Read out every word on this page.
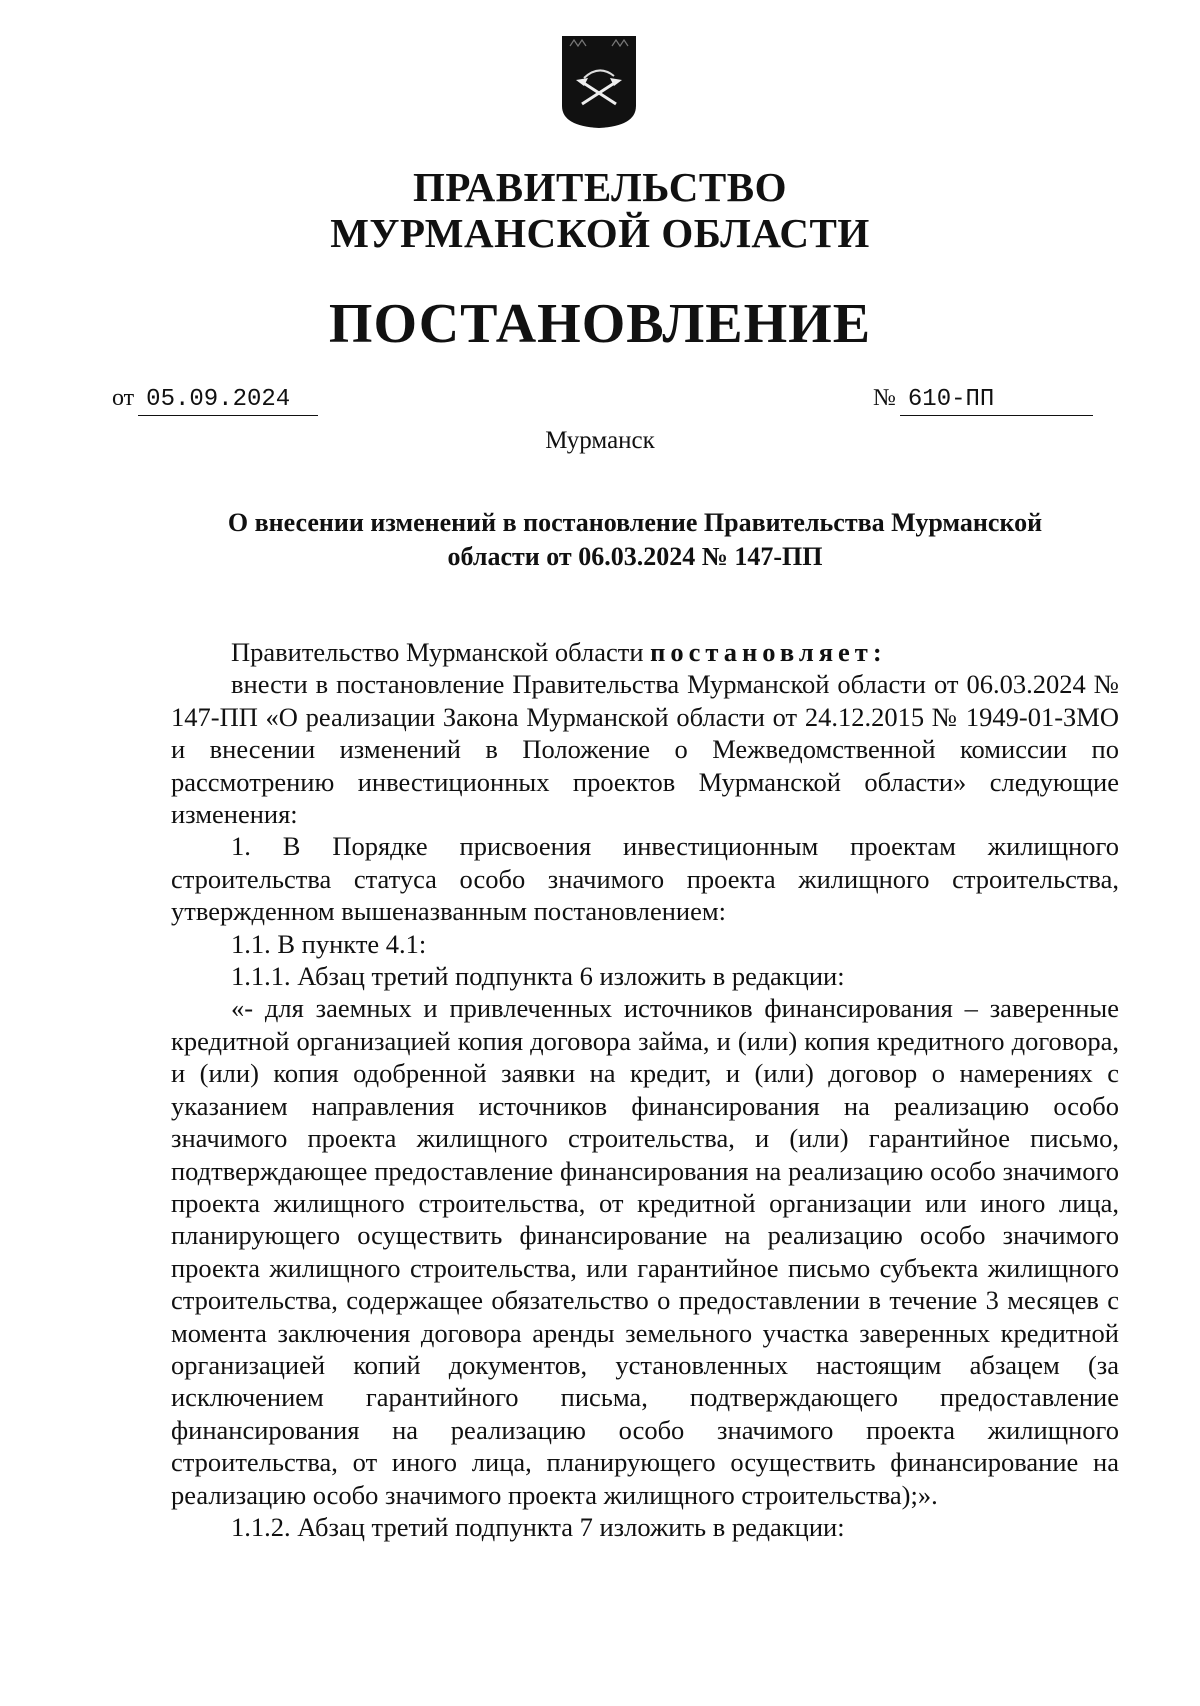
ПРАВИТЕЛЬСТВО
МУРМАНСКОЙ ОБЛАСТИ
ПОСТАНОВЛЕНИЕ
от 05.09.2024	№ 610-ПП
Мурманск
О внесении изменений в постановление Правительства Мурманской
области от 06.03.2024 № 147-ПП

Правительство Мурманской области постановляет:

внести в постановление Правительства Мурманской области от 06.03.2024 № 147-ПП «О реализации Закона Мурманской области от 24.12.2015 № 1949-01-ЗМО и внесении изменений в Положение о Межведомственной комиссии по рассмотрению инвестиционных проектов Мурманской области» следующие изменения:

1. В Порядке присвоения инвестиционным проектам жилищного строительства статуса особо значимого проекта жилищного строительства, утвержденном вышеназванным постановлением:

1.1. В пункте 4.1:

1.1.1. Абзац третий подпункта 6 изложить в редакции:

«- для заемных и привлеченных источников финансирования – заверенные кредитной организацией копия договора займа, и (или) копия кредитного договора, и (или) копия одобренной заявки на кредит, и (или) договор о намерениях с указанием направления источников финансирования на реализацию особо значимого проекта жилищного строительства, и (или) гарантийное письмо, подтверждающее предоставление финансирования на реализацию особо значимого проекта жилищного строительства, от кредитной организации или иного лица, планирующего осуществить финансирование на реализацию особо значимого проекта жилищного строительства, или гарантийное письмо субъекта жилищного строительства, содержащее обязательство о предоставлении в течение 3 месяцев с момента заключения договора аренды земельного участка заверенных кредитной организацией копий документов, установленных настоящим абзацем (за исключением гарантийного письма, подтверждающего предоставление финансирования на реализацию особо значимого проекта жилищного строительства, от иного лица, планирующего осуществить финансирование на реализацию особо значимого проекта жилищного строительства);».

1.1.2. Абзац третий подпункта 7 изложить в редакции:
